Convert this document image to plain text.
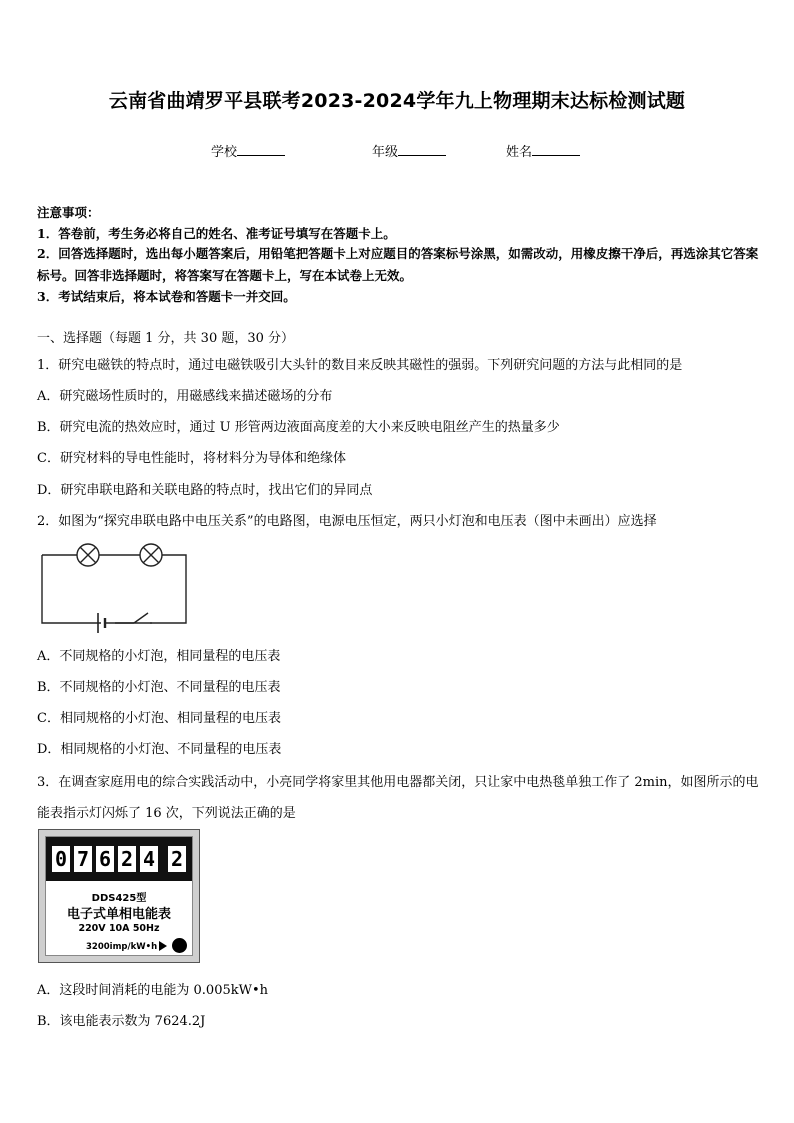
云南省曲靖罗平县联考2023-2024学年九上物理期末达标检测试题
学校	年级	姓名
注意事项：
1．答卷前，考生务必将自己的姓名、准考证号填写在答题卡上。
2．回答选择题时，选出每小题答案后，用铅笔把答题卡上对应题目的答案标号涂黑，如需改动，用橡皮擦干净后，再选涂其它答案标号。回答非选择题时，将答案写在答题卡上，写在本试卷上无效。
3．考试结束后，将本试卷和答题卡一并交回。
一、选择题（每题 1 分，共 30 题，30 分）
1．研究电磁铁的特点时，通过电磁铁吸引大头针的数目来反映其磁性的强弱。下列研究问题的方法与此相同的是
A．研究磁场性质时的，用磁感线来描述磁场的分布
B．研究电流的热效应时，通过 U 形管两边液面高度差的大小来反映电阻丝产生的热量多少
C．研究材料的导电性能时，将材料分为导体和绝缘体
D．研究串联电路和关联电路的特点时，找出它们的异同点
2．如图为“探究串联电路中电压关系”的电路图，电源电压恒定，两只小灯泡和电压表（图中未画出）应选择
A．不同规格的小灯泡，相同量程的电压表
B．不同规格的小灯泡、不同量程的电压表
C．相同规格的小灯泡、相同量程的电压表
D．相同规格的小灯泡、不同量程的电压表
3．在调查家庭用电的综合实践活动中，小亮同学将家里其他用电器都关闭，只让家中电热毯单独工作了 2min，如图所示的电能表指示灯闪烁了 16 次，下列说法正确的是
0 7 6 2 4 2
DDS425型
电子式单相电能表
220V 10A 50Hz
3200imp/kW•h
A．这段时间消耗的电能为 0.005kW•h
B．该电能表示数为 7624.2J
